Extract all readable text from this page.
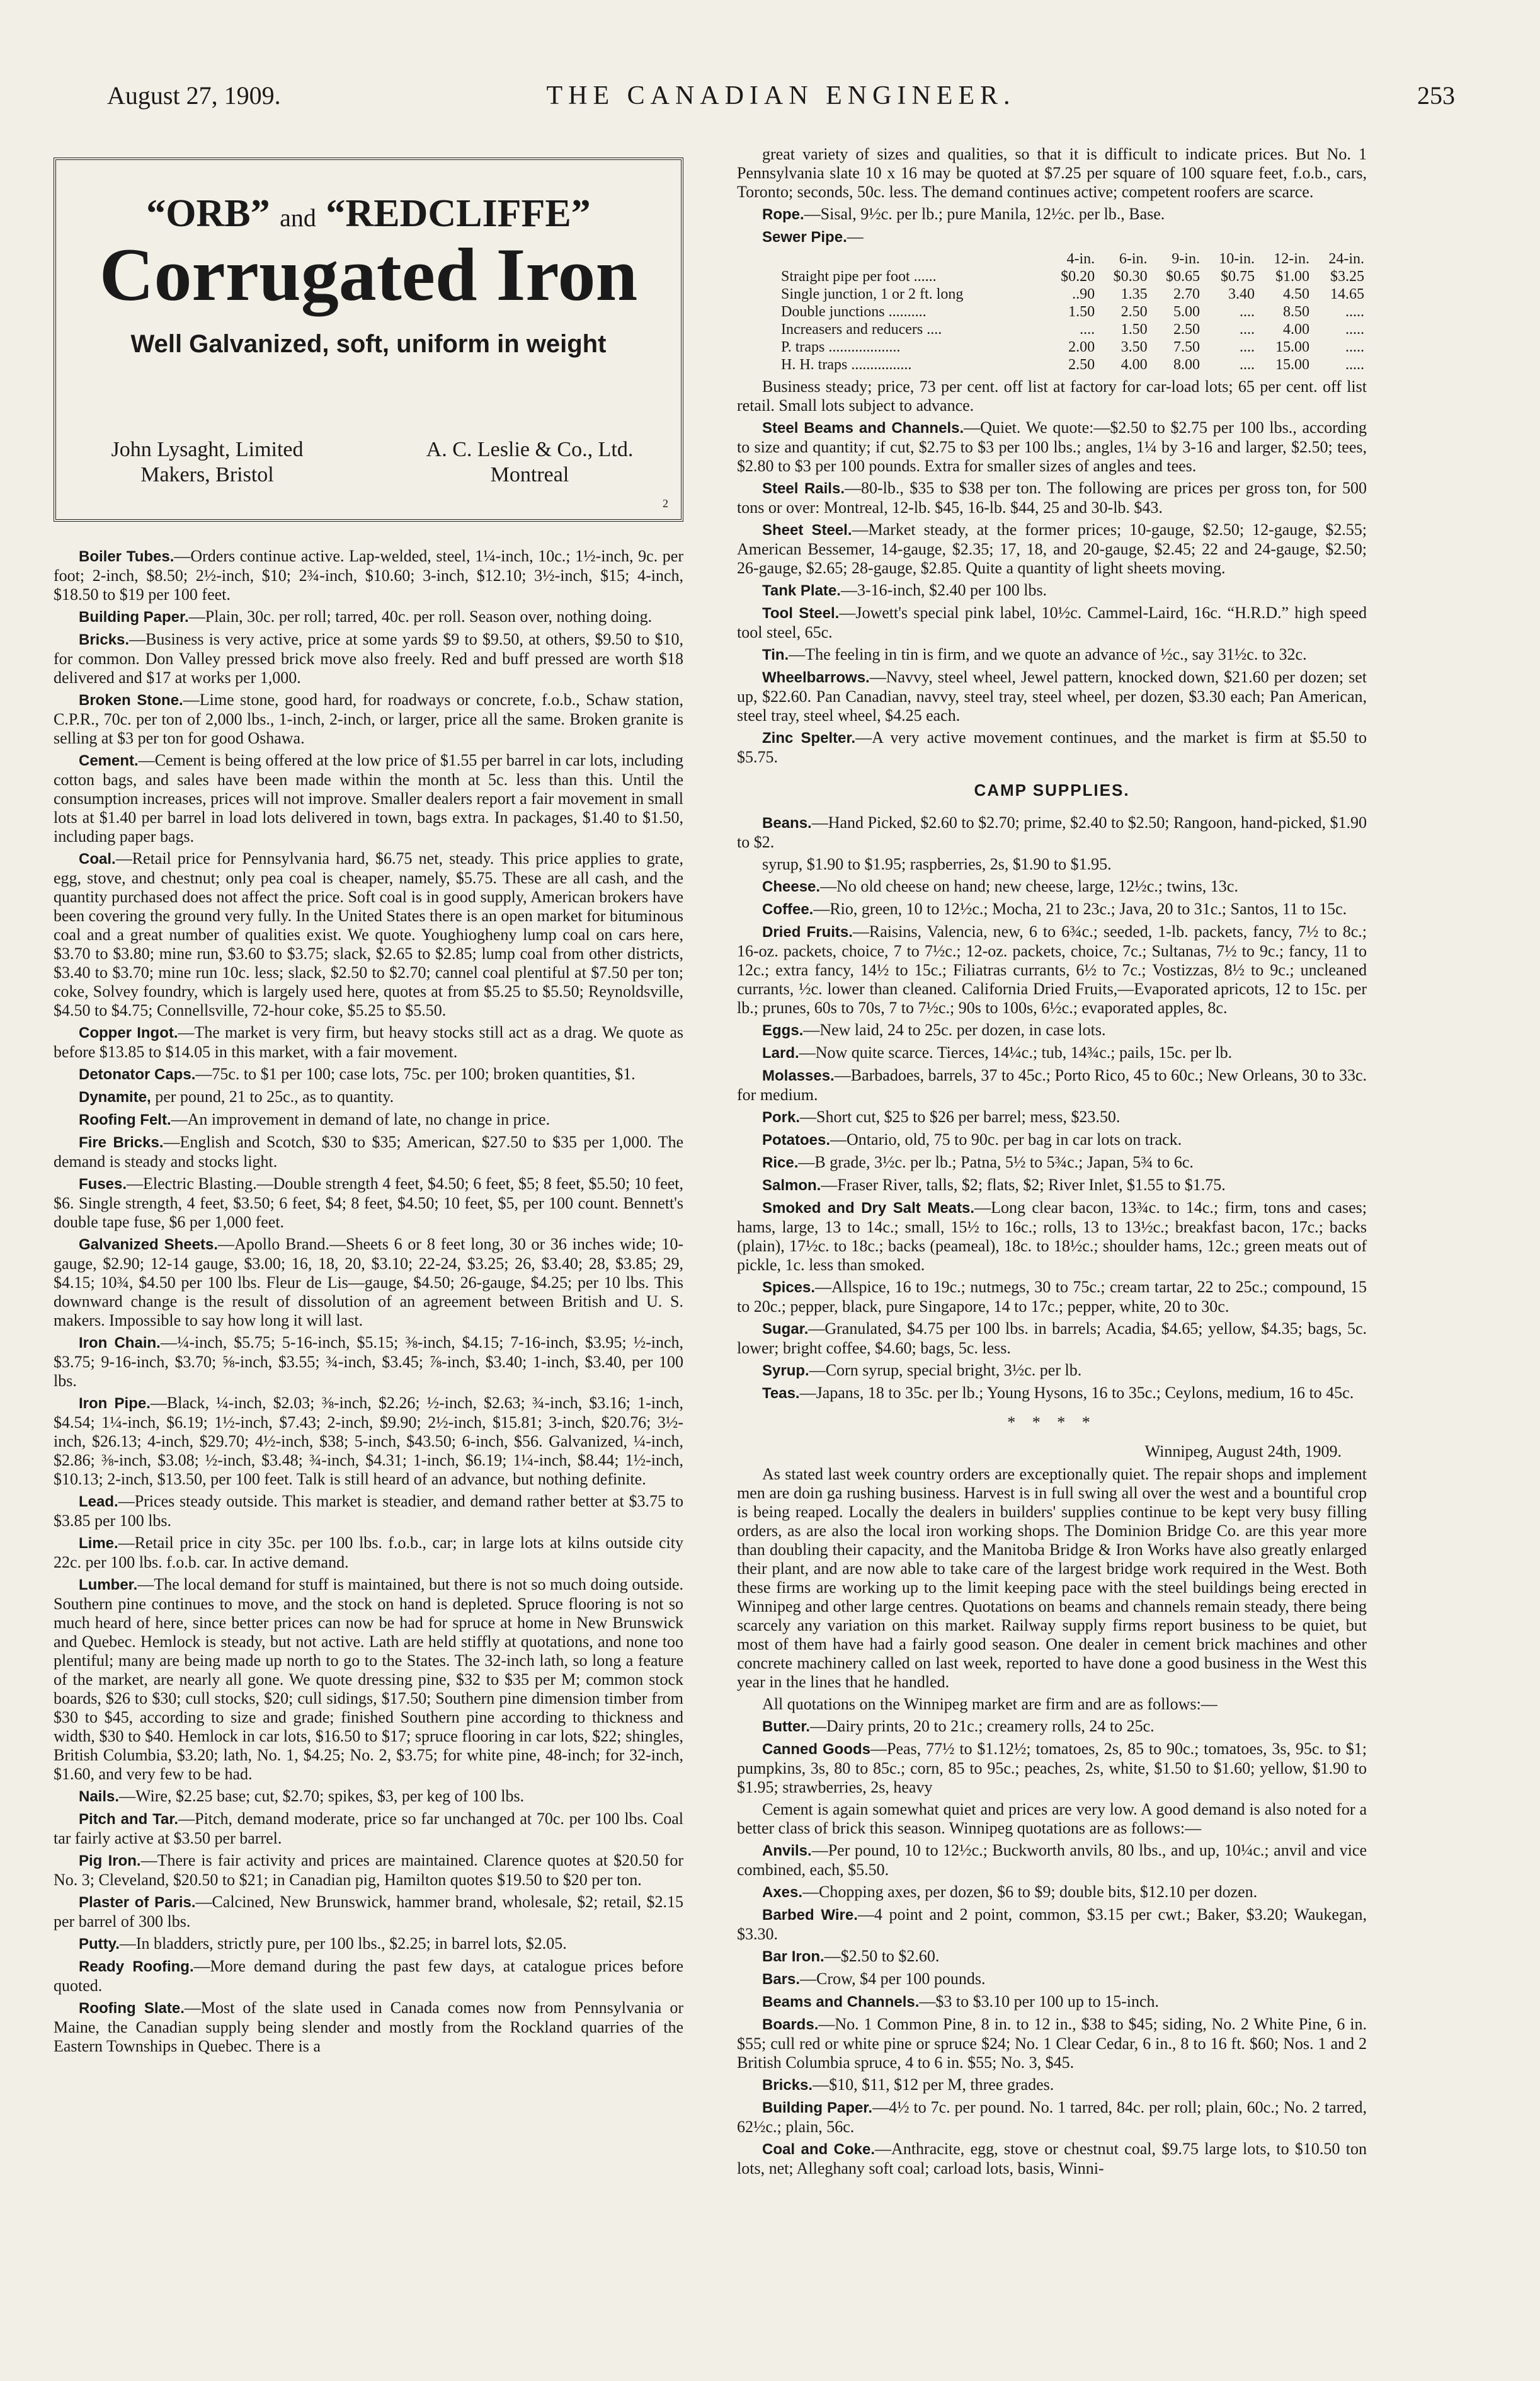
August 27, 1909.	THE CANADIAN ENGINEER.	253
“ORB” and “REDCLIFFE”
Corrugated Iron
Well Galvanized, soft, uniform in weight
John Lysaght, Limited
Makers, Bristol
A. C. Leslie & Co., Ltd.
Montreal
2

Boiler Tubes.—Orders continue active. Lap-welded, steel, 1¼-inch, 10c.; 1½-inch, 9c. per foot; 2-inch, $8.50; 2½-inch, $10; 2¾-inch, $10.60; 3-inch, $12.10; 3½-inch, $15; 4-inch, $18.50 to $19 per 100 feet.

Building Paper.—Plain, 30c. per roll; tarred, 40c. per roll. Season over, nothing doing.

Bricks.—Business is very active, price at some yards $9 to $9.50, at others, $9.50 to $10, for common. Don Valley pressed brick move also freely. Red and buff pressed are worth $18 delivered and $17 at works per 1,000.

Broken Stone.—Lime stone, good hard, for roadways or concrete, f.o.b., Schaw station, C.P.R., 70c. per ton of 2,000 lbs., 1-inch, 2-inch, or larger, price all the same. Broken granite is selling at $3 per ton for good Oshawa.

Cement.—Cement is being offered at the low price of $1.55 per barrel in car lots, including cotton bags, and sales have been made within the month at 5c. less than this. Until the consumption increases, prices will not improve. Smaller dealers report a fair movement in small lots at $1.40 per barrel in load lots delivered in town, bags extra. In packages, $1.40 to $1.50, including paper bags.

Coal.—Retail price for Pennsylvania hard, $6.75 net, steady. This price applies to grate, egg, stove, and chestnut; only pea coal is cheaper, namely, $5.75. These are all cash, and the quantity purchased does not affect the price. Soft coal is in good supply, American brokers have been covering the ground very fully. In the United States there is an open market for bituminous coal and a great number of qualities exist. We quote. Youghiogheny lump coal on cars here, $3.70 to $3.80; mine run, $3.60 to $3.75; slack, $2.65 to $2.85; lump coal from other districts, $3.40 to $3.70; mine run 10c. less; slack, $2.50 to $2.70; cannel coal plentiful at $7.50 per ton; coke, Solvey foundry, which is largely used here, quotes at from $5.25 to $5.50; Reynoldsville, $4.50 to $4.75; Connellsville, 72-hour coke, $5.25 to $5.50.

Copper Ingot.—The market is very firm, but heavy stocks still act as a drag. We quote as before $13.85 to $14.05 in this market, with a fair movement.

Detonator Caps.—75c. to $1 per 100; case lots, 75c. per 100; broken quantities, $1.

Dynamite, per pound, 21 to 25c., as to quantity.

Roofing Felt.—An improvement in demand of late, no change in price.

Fire Bricks.—English and Scotch, $30 to $35; American, $27.50 to $35 per 1,000. The demand is steady and stocks light.

Fuses.—Electric Blasting.—Double strength 4 feet, $4.50; 6 feet, $5; 8 feet, $5.50; 10 feet, $6. Single strength, 4 feet, $3.50; 6 feet, $4; 8 feet, $4.50; 10 feet, $5, per 100 count. Bennett's double tape fuse, $6 per 1,000 feet.

Galvanized Sheets.—Apollo Brand.—Sheets 6 or 8 feet long, 30 or 36 inches wide; 10-gauge, $2.90; 12-14 gauge, $3.00; 16, 18, 20, $3.10; 22-24, $3.25; 26, $3.40; 28, $3.85; 29, $4.15; 10¾, $4.50 per 100 lbs. Fleur de Lis—gauge, $4.50; 26-gauge, $4.25; per 10 lbs. This downward change is the result of dissolution of an agreement between British and U. S. makers. Impossible to say how long it will last.

Iron Chain.—¼-inch, $5.75; 5-16-inch, $5.15; ⅜-inch, $4.15; 7-16-inch, $3.95; ½-inch, $3.75; 9-16-inch, $3.70; ⅝-inch, $3.55; ¾-inch, $3.45; ⅞-inch, $3.40; 1-inch, $3.40, per 100 lbs.

Iron Pipe.—Black, ¼-inch, $2.03; ⅜-inch, $2.26; ½-inch, $2.63; ¾-inch, $3.16; 1-inch, $4.54; 1¼-inch, $6.19; 1½-inch, $7.43; 2-inch, $9.90; 2½-inch, $15.81; 3-inch, $20.76; 3½-inch, $26.13; 4-inch, $29.70; 4½-inch, $38; 5-inch, $43.50; 6-inch, $56. Galvanized, ¼-inch, $2.86; ⅜-inch, $3.08; ½-inch, $3.48; ¾-inch, $4.31; 1-inch, $6.19; 1¼-inch, $8.44; 1½-inch, $10.13; 2-inch, $13.50, per 100 feet. Talk is still heard of an advance, but nothing definite.

Lead.—Prices steady outside. This market is steadier, and demand rather better at $3.75 to $3.85 per 100 lbs.

Lime.—Retail price in city 35c. per 100 lbs. f.o.b., car; in large lots at kilns outside city 22c. per 100 lbs. f.o.b. car. In active demand.

Lumber.—The local demand for stuff is maintained, but there is not so much doing outside. Southern pine continues to move, and the stock on hand is depleted. Spruce flooring is not so much heard of here, since better prices can now be had for spruce at home in New Brunswick and Quebec. Hemlock is steady, but not active. Lath are held stiffly at quotations, and none too plentiful; many are being made up north to go to the States. The 32-inch lath, so long a feature of the market, are nearly all gone. We quote dressing pine, $32 to $35 per M; common stock boards, $26 to $30; cull stocks, $20; cull sidings, $17.50; Southern pine dimension timber from $30 to $45, according to size and grade; finished Southern pine according to thickness and width, $30 to $40. Hemlock in car lots, $16.50 to $17; spruce flooring in car lots, $22; shingles, British Columbia, $3.20; lath, No. 1, $4.25; No. 2, $3.75; for white pine, 48-inch; for 32-inch, $1.60, and very few to be had.

Nails.—Wire, $2.25 base; cut, $2.70; spikes, $3, per keg of 100 lbs.

Pitch and Tar.—Pitch, demand moderate, price so far unchanged at 70c. per 100 lbs. Coal tar fairly active at $3.50 per barrel.

Pig Iron.—There is fair activity and prices are maintained. Clarence quotes at $20.50 for No. 3; Cleveland, $20.50 to $21; in Canadian pig, Hamilton quotes $19.50 to $20 per ton.

Plaster of Paris.—Calcined, New Brunswick, hammer brand, wholesale, $2; retail, $2.15 per barrel of 300 lbs.

Putty.—In bladders, strictly pure, per 100 lbs., $2.25; in barrel lots, $2.05.

Ready Roofing.—More demand during the past few days, at catalogue prices before quoted.

Roofing Slate.—Most of the slate used in Canada comes now from Pennsylvania or Maine, the Canadian supply being slender and mostly from the Rockland quarries of the Eastern Townships in Quebec. There is a

great variety of sizes and qualities, so that it is difficult to indicate prices. But No. 1 Pennsylvania slate 10 x 16 may be quoted at $7.25 per square of 100 square feet, f.o.b., cars, Toronto; seconds, 50c. less. The demand continues active; competent roofers are scarce.

Rope.—Sisal, 9½c. per lb.; pure Manila, 12½c. per lb., Base.

Sewer Pipe.—

	4-in.	6-in.	9-in.	10-in.	12-in.	24-in.
Straight pipe per foot ......	$0.20	$0.30	$0.65	$0.75	$1.00	$3.25
Single junction, 1 or 2 ft. long	..90	1.35	2.70	3.40	4.50	14.65
Double junctions ..........	1.50	2.50	5.00	....	8.50	.....
Increasers and reducers ....	....	1.50	2.50	....	4.00	.....
P. traps ...................	2.00	3.50	7.50	....	15.00	.....
H. H. traps ................	2.50	4.00	8.00	....	15.00	.....

Business steady; price, 73 per cent. off list at factory for car-load lots; 65 per cent. off list retail. Small lots subject to advance.

Steel Beams and Channels.—Quiet. We quote:—$2.50 to $2.75 per 100 lbs., according to size and quantity; if cut, $2.75 to $3 per 100 lbs.; angles, 1¼ by 3-16 and larger, $2.50; tees, $2.80 to $3 per 100 pounds. Extra for smaller sizes of angles and tees.

Steel Rails.—80-lb., $35 to $38 per ton. The following are prices per gross ton, for 500 tons or over: Montreal, 12-lb. $45, 16-lb. $44, 25 and 30-lb. $43.

Sheet Steel.—Market steady, at the former prices; 10-gauge, $2.50; 12-gauge, $2.55; American Bessemer, 14-gauge, $2.35; 17, 18, and 20-gauge, $2.45; 22 and 24-gauge, $2.50; 26-gauge, $2.65; 28-gauge, $2.85. Quite a quantity of light sheets moving.

Tank Plate.—3-16-inch, $2.40 per 100 lbs.

Tool Steel.—Jowett's special pink label, 10½c. Cammel-Laird, 16c. “H.R.D.” high speed tool steel, 65c.

Tin.—The feeling in tin is firm, and we quote an advance of ½c., say 31½c. to 32c.

Wheelbarrows.—Navvy, steel wheel, Jewel pattern, knocked down, $21.60 per dozen; set up, $22.60. Pan Canadian, navvy, steel tray, steel wheel, per dozen, $3.30 each; Pan American, steel tray, steel wheel, $4.25 each.

Zinc Spelter.—A very active movement continues, and the market is firm at $5.50 to $5.75.

CAMP SUPPLIES.

Beans.—Hand Picked, $2.60 to $2.70; prime, $2.40 to $2.50; Rangoon, hand-picked, $1.90 to $2.

syrup, $1.90 to $1.95; raspberries, 2s, $1.90 to $1.95.

Cheese.—No old cheese on hand; new cheese, large, 12½c.; twins, 13c.

Coffee.—Rio, green, 10 to 12½c.; Mocha, 21 to 23c.; Java, 20 to 31c.; Santos, 11 to 15c.

Dried Fruits.—Raisins, Valencia, new, 6 to 6¾c.; seeded, 1-lb. packets, fancy, 7½ to 8c.; 16-oz. packets, choice, 7 to 7½c.; 12-oz. packets, choice, 7c.; Sultanas, 7½ to 9c.; fancy, 11 to 12c.; extra fancy, 14½ to 15c.; Filiatras currants, 6½ to 7c.; Vostizzas, 8½ to 9c.; uncleaned currants, ½c. lower than cleaned. California Dried Fruits,—Evaporated apricots, 12 to 15c. per lb.; prunes, 60s to 70s, 7 to 7½c.; 90s to 100s, 6½c.; evaporated apples, 8c.

Eggs.—New laid, 24 to 25c. per dozen, in case lots.

Lard.—Now quite scarce. Tierces, 14¼c.; tub, 14¾c.; pails, 15c. per lb.

Molasses.—Barbadoes, barrels, 37 to 45c.; Porto Rico, 45 to 60c.; New Orleans, 30 to 33c. for medium.

Pork.—Short cut, $25 to $26 per barrel; mess, $23.50.

Potatoes.—Ontario, old, 75 to 90c. per bag in car lots on track.

Rice.—B grade, 3½c. per lb.; Patna, 5½ to 5¾c.; Japan, 5¾ to 6c.

Salmon.—Fraser River, talls, $2; flats, $2; River Inlet, $1.55 to $1.75.

Smoked and Dry Salt Meats.—Long clear bacon, 13¾c. to 14c.; firm, tons and cases; hams, large, 13 to 14c.; small, 15½ to 16c.; rolls, 13 to 13½c.; breakfast bacon, 17c.; backs (plain), 17½c. to 18c.; backs (peameal), 18c. to 18½c.; shoulder hams, 12c.; green meats out of pickle, 1c. less than smoked.

Spices.—Allspice, 16 to 19c.; nutmegs, 30 to 75c.; cream tartar, 22 to 25c.; compound, 15 to 20c.; pepper, black, pure Singapore, 14 to 17c.; pepper, white, 20 to 30c.

Sugar.—Granulated, $4.75 per 100 lbs. in barrels; Acadia, $4.65; yellow, $4.35; bags, 5c. lower; bright coffee, $4.60; bags, 5c. less.

Syrup.—Corn syrup, special bright, 3½c. per lb.

Teas.—Japans, 18 to 35c. per lb.; Young Hysons, 16 to 35c.; Ceylons, medium, 16 to 45c.

* * * *
Winnipeg, August 24th, 1909.

As stated last week country orders are exceptionally quiet. The repair shops and implement men are doin ga rushing business. Harvest is in full swing all over the west and a bountiful crop is being reaped. Locally the dealers in builders' supplies continue to be kept very busy filling orders, as are also the local iron working shops. The Dominion Bridge Co. are this year more than doubling their capacity, and the Manitoba Bridge & Iron Works have also greatly enlarged their plant, and are now able to take care of the largest bridge work required in the West. Both these firms are working up to the limit keeping pace with the steel buildings being erected in Winnipeg and other large centres. Quotations on beams and channels remain steady, there being scarcely any variation on this market. Railway supply firms report business to be quiet, but most of them have had a fairly good season. One dealer in cement brick machines and other concrete machinery called on last week, reported to have done a good business in the West this year in the lines that he handled.

All quotations on the Winnipeg market are firm and are as follows:—

Butter.—Dairy prints, 20 to 21c.; creamery rolls, 24 to 25c.

Canned Goods—Peas, 77½ to $1.12½; tomatoes, 2s, 85 to 90c.; tomatoes, 3s, 95c. to $1; pumpkins, 3s, 80 to 85c.; corn, 85 to 95c.; peaches, 2s, white, $1.50 to $1.60; yellow, $1.90 to $1.95; strawberries, 2s, heavy

Cement is again somewhat quiet and prices are very low. A good demand is also noted for a better class of brick this season. Winnipeg quotations are as follows:—

Anvils.—Per pound, 10 to 12½c.; Buckworth anvils, 80 lbs., and up, 10¼c.; anvil and vice combined, each, $5.50.

Axes.—Chopping axes, per dozen, $6 to $9; double bits, $12.10 per dozen.

Barbed Wire.—4 point and 2 point, common, $3.15 per cwt.; Baker, $3.20; Waukegan, $3.30.

Bar Iron.—$2.50 to $2.60.

Bars.—Crow, $4 per 100 pounds.

Beams and Channels.—$3 to $3.10 per 100 up to 15-inch.

Boards.—No. 1 Common Pine, 8 in. to 12 in., $38 to $45; siding, No. 2 White Pine, 6 in. $55; cull red or white pine or spruce $24; No. 1 Clear Cedar, 6 in., 8 to 16 ft. $60; Nos. 1 and 2 British Columbia spruce, 4 to 6 in. $55; No. 3, $45.

Bricks.—$10, $11, $12 per M, three grades.

Building Paper.—4½ to 7c. per pound. No. 1 tarred, 84c. per roll; plain, 60c.; No. 2 tarred, 62½c.; plain, 56c.

Coal and Coke.—Anthracite, egg, stove or chestnut coal, $9.75 large lots, to $10.50 ton lots, net; Alleghany soft coal; carload lots, basis, Winni-
